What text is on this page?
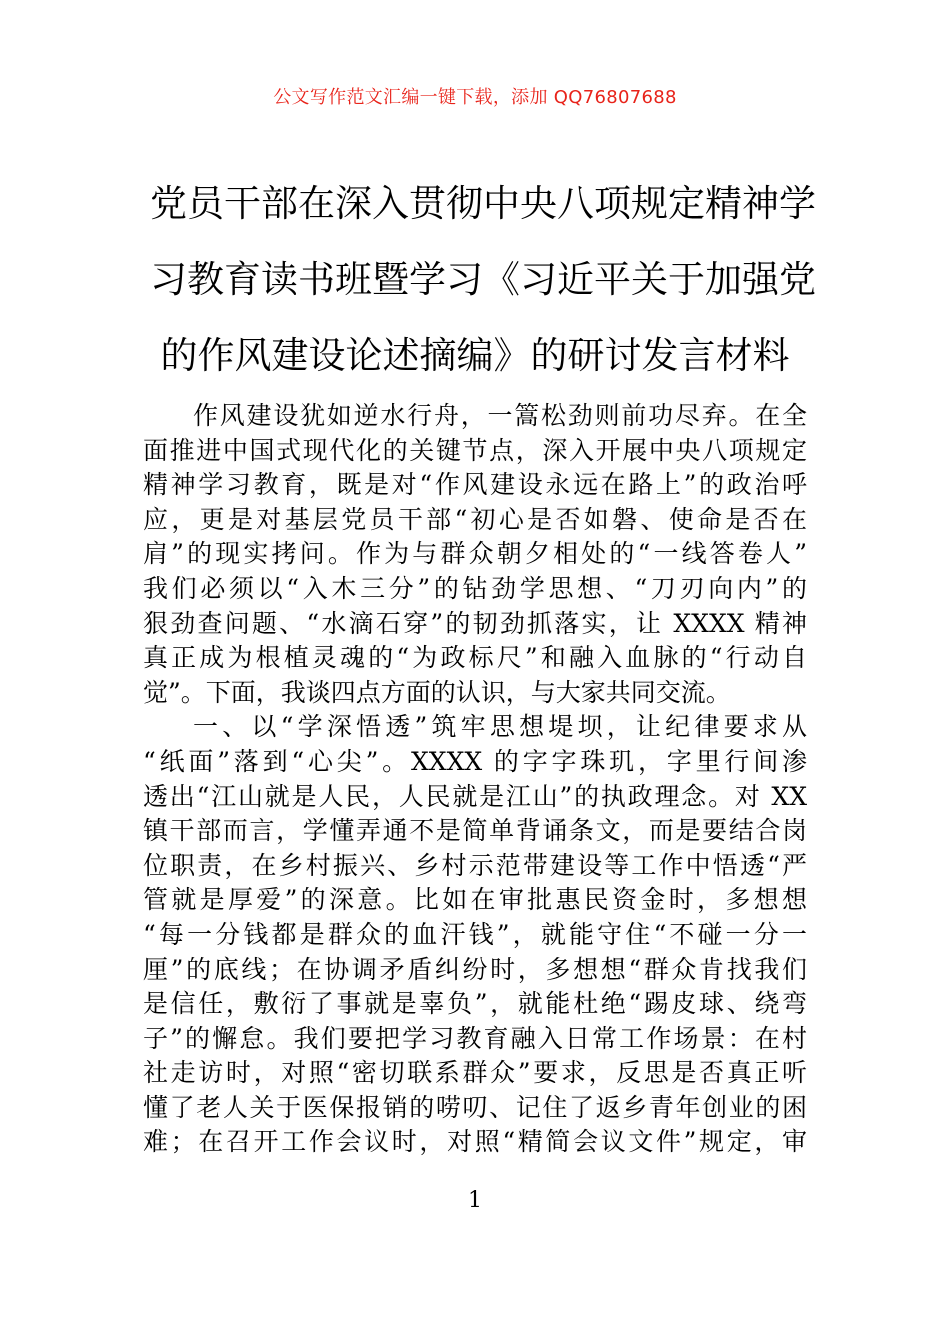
公文写作范文汇编一键下载，添加 QQ76807688
党员干部在深入贯彻中央八项规定精神学
习教育读书班暨学习《习近平关于加强党
的作风建设论述摘编》的研讨发言材料
作风建设犹如逆水行舟，一篙松劲则前功尽弃。在全
面推进中国式现代化的关键节点，深入开展中央八项规定
精神学习教育，既是对“作风建设永远在路上”的政治呼
应，更是对基层党员干部“初心是否如磐、使命是否在
肩”的现实拷问。作为与群众朝夕相处的“一线答卷人”
我们必须以“入木三分”的钻劲学思想、“刀刃向内”的
狠劲查问题、“水滴石穿”的韧劲抓落实，让 XXXX 精神
真正成为根植灵魂的“为政标尺”和融入血脉的“行动自
觉”。下面，我谈四点方面的认识，与大家共同交流。
一、以“学深悟透”筑牢思想堤坝，让纪律要求从
“纸面”落到“心尖”。XXXX 的字字珠玑，字里行间渗
透出“江山就是人民，人民就是江山”的执政理念。对 XX
镇干部而言，学懂弄通不是简单背诵条文，而是要结合岗
位职责，在乡村振兴、乡村示范带建设等工作中悟透“严
管就是厚爱”的深意。比如在审批惠民资金时，多想想
“每一分钱都是群众的血汗钱”，就能守住“不碰一分一
厘”的底线；在协调矛盾纠纷时，多想想“群众肯找我们
是信任，敷衍了事就是辜负”，就能杜绝“踢皮球、绕弯
子”的懈怠。我们要把学习教育融入日常工作场景：在村
社走访时，对照“密切联系群众”要求，反思是否真正听
懂了老人关于医保报销的唠叨、记住了返乡青年创业的困
难；在召开工作会议时，对照“精简会议文件”规定，审
1
